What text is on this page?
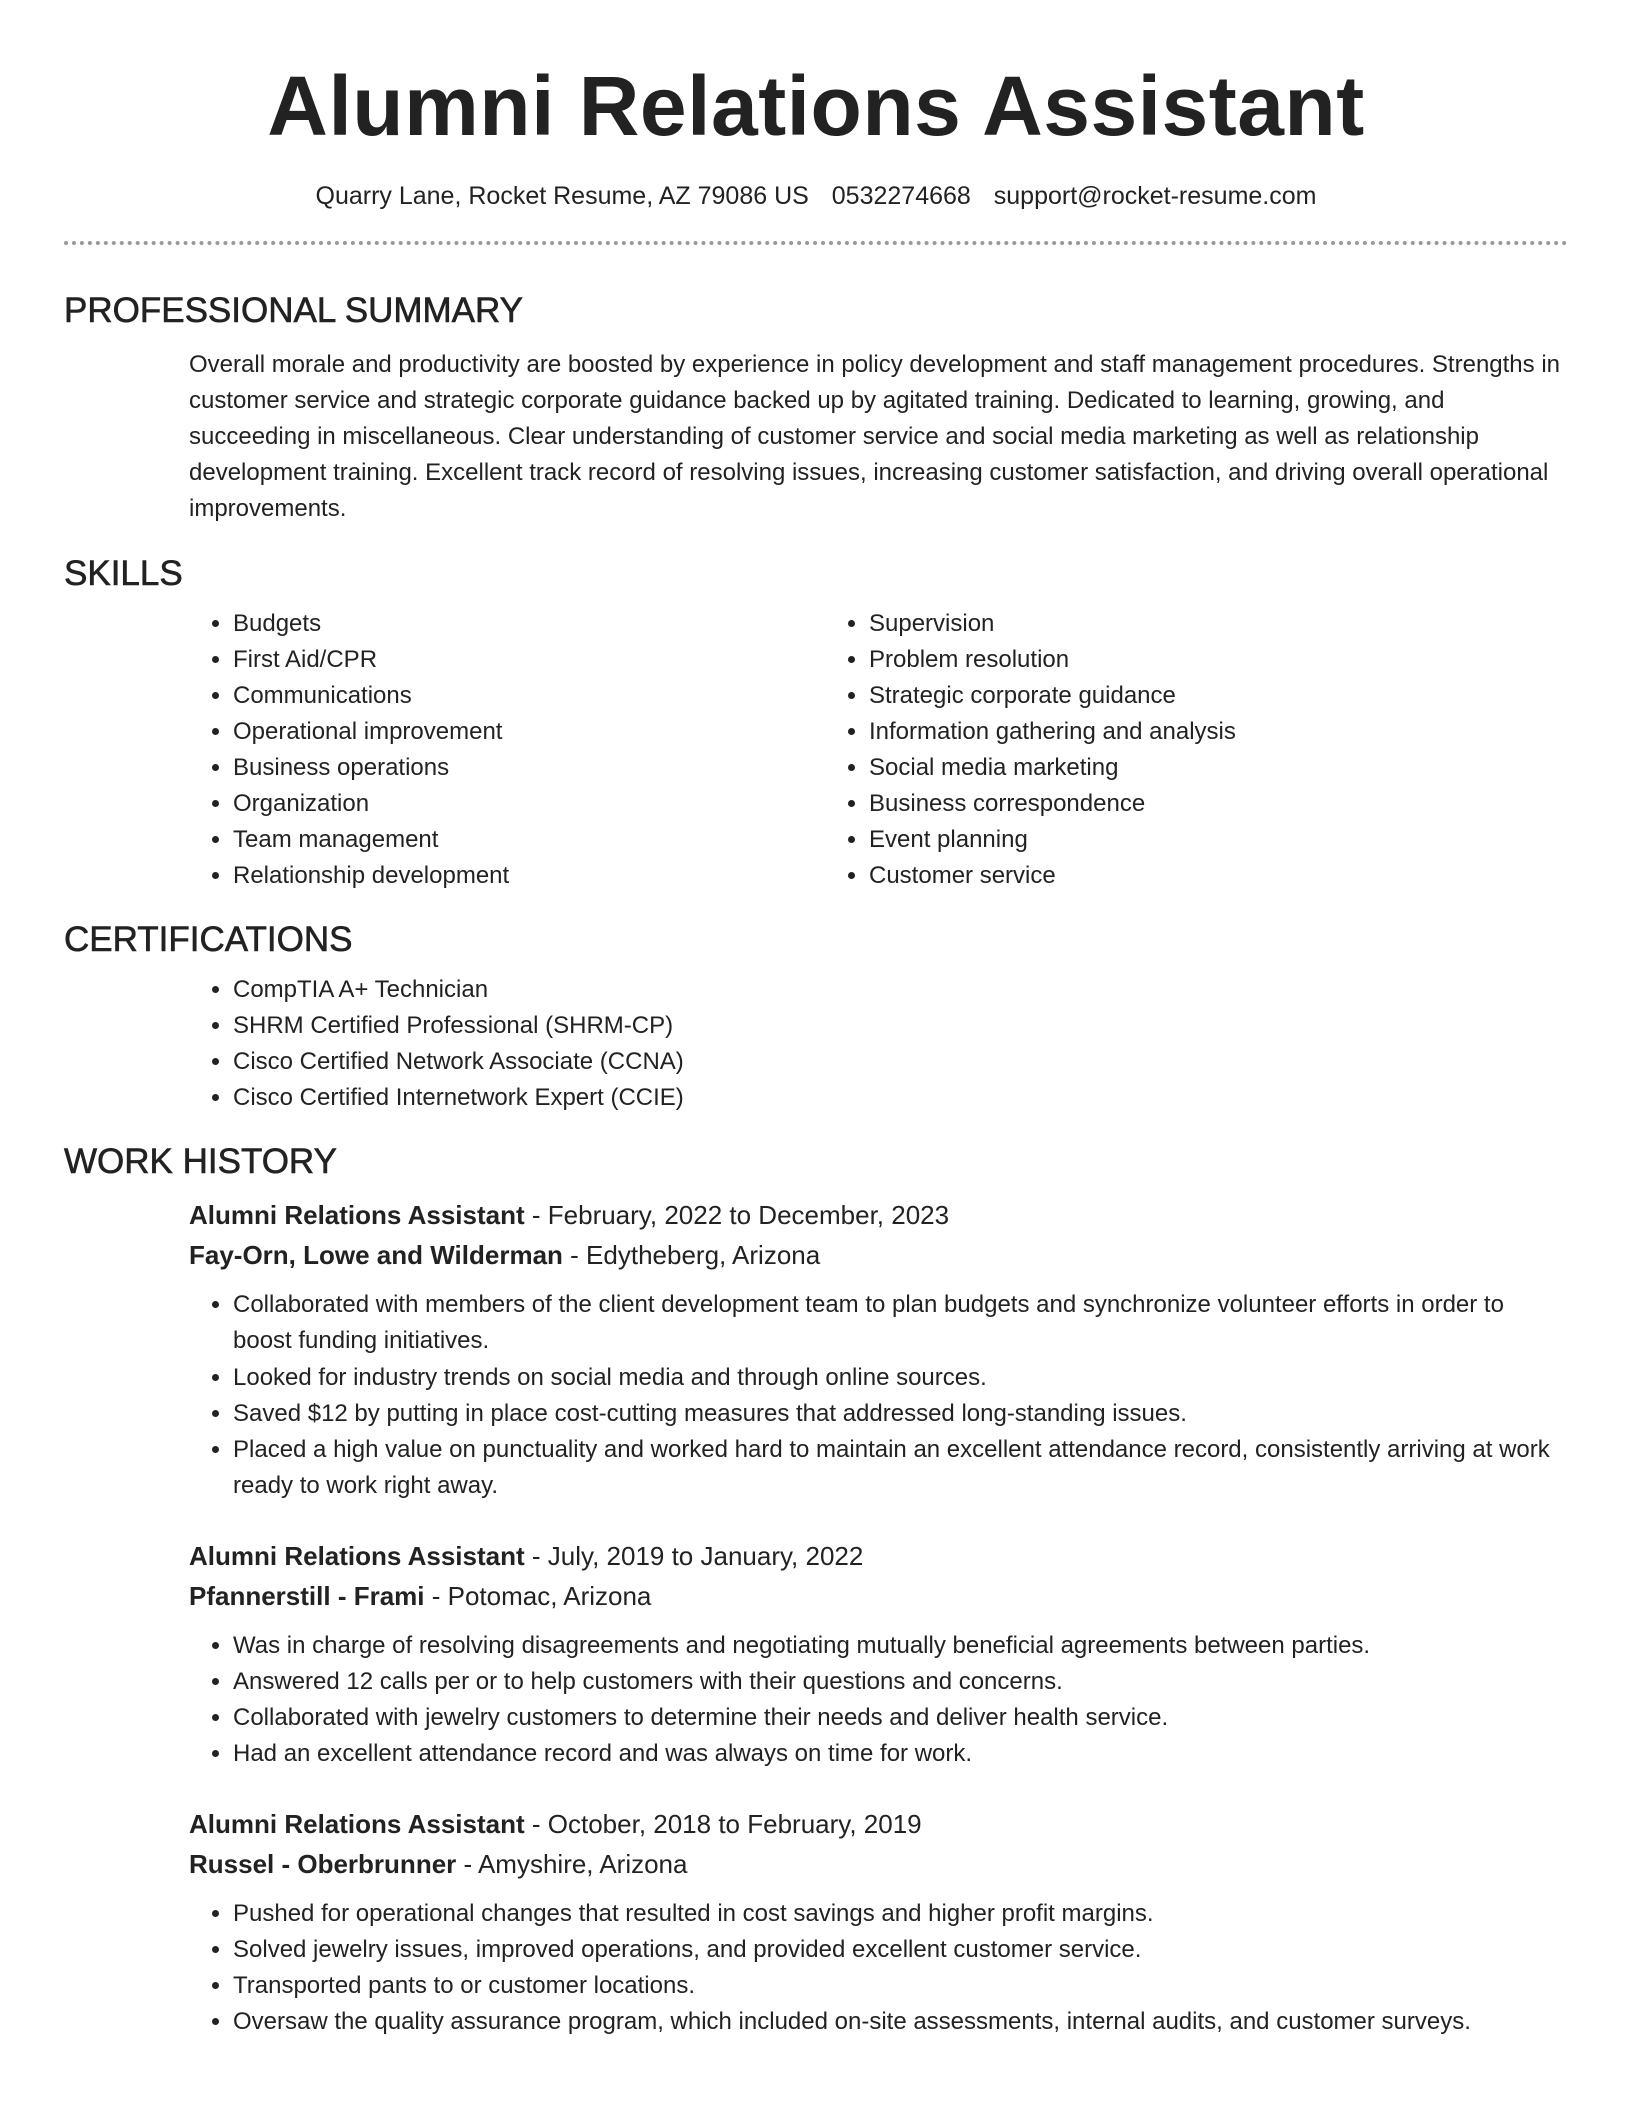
Alumni Relations Assistant
Quarry Lane, Rocket Resume, AZ 79086 US 0532274668 support@rocket-resume.com
PROFESSIONAL SUMMARY

Overall morale and productivity are boosted by experience in policy development and staff management procedures. Strengths in customer service and strategic corporate guidance backed up by agitated training. Dedicated to learning, growing, and succeeding in miscellaneous. Clear understanding of customer service and social media marketing as well as relationship development training. Excellent track record of resolving issues, increasing customer satisfaction, and driving overall operational improvements.

SKILLS
• Budgets
• First Aid/CPR
• Communications
• Operational improvement
• Business operations
• Organization
• Team management
• Relationship development
• Supervision
• Problem resolution
• Strategic corporate guidance
• Information gathering and analysis
• Social media marketing
• Business correspondence
• Event planning
• Customer service
CERTIFICATIONS
• CompTIA A+ Technician
• SHRM Certified Professional (SHRM-CP)
• Cisco Certified Network Associate (CCNA)
• Cisco Certified Internetwork Expert (CCIE)
WORK HISTORY
Alumni Relations Assistant - February, 2022 to December, 2023
Fay-Orn, Lowe and Wilderman - Edytheberg, Arizona
• Collaborated with members of the client development team to plan budgets and synchronize volunteer efforts in order to boost funding initiatives.
• Looked for industry trends on social media and through online sources.
• Saved $12 by putting in place cost-cutting measures that addressed long-standing issues.
• Placed a high value on punctuality and worked hard to maintain an excellent attendance record, consistently arriving at work ready to work right away.
Alumni Relations Assistant - July, 2019 to January, 2022
Pfannerstill - Frami - Potomac, Arizona
• Was in charge of resolving disagreements and negotiating mutually beneficial agreements between parties.
• Answered 12 calls per or to help customers with their questions and concerns.
• Collaborated with jewelry customers to determine their needs and deliver health service.
• Had an excellent attendance record and was always on time for work.
Alumni Relations Assistant - October, 2018 to February, 2019
Russel - Oberbrunner - Amyshire, Arizona
• Pushed for operational changes that resulted in cost savings and higher profit margins.
• Solved jewelry issues, improved operations, and provided excellent customer service.
• Transported pants to or customer locations.
• Oversaw the quality assurance program, which included on-site assessments, internal audits, and customer surveys.
